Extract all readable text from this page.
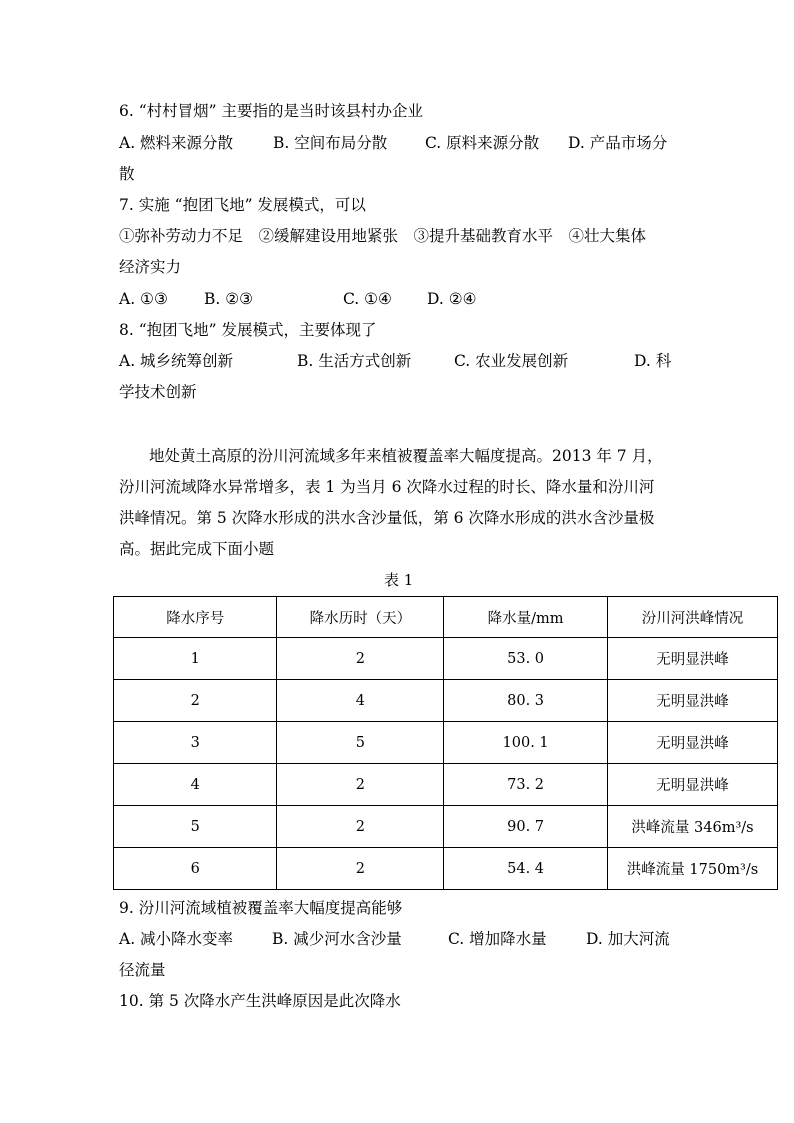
6. “村村冒烟” 主要指的是当时该县村办企业
A. 燃料来源分散	B. 空间布局分散 C. 原料来源分散 D. 产品市场分
散
7. 实施 “抱团飞地” 发展模式，可以
①弥补劳动力不足　②缓解建设用地紧张　③提升基础教育水平　④壮大集体
经济实力
A. ①③ B. ②③	C. ①④ D. ②④
8. “抱团飞地” 发展模式，主要体现了
A. 城乡统筹创新	B. 生活方式创新	C. 农业发展创新	D. 科
学技术创新
地处黄土高原的汾川河流域多年来植被覆盖率大幅度提高。2013 年 7 月，
汾川河流域降水异常增多，表 1 为当月 6 次降水过程的时长、降水量和汾川河
洪峰情况。第 5 次降水形成的洪水含沙量低，第 6 次降水形成的洪水含沙量极
高。据此完成下面小题
表 1
降水序号	降水历时（天）	降水量/mm	汾川河洪峰情况
1	2	53. 0	无明显洪峰
2	4	80. 3	无明显洪峰
3	5	100. 1	无明显洪峰
4	2	73. 2	无明显洪峰
5	2	90. 7	洪峰流量 346m³/s
6	2	54. 4	洪峰流量 1750m³/s
9. 汾川河流域植被覆盖率大幅度提高能够
A. 减小降水变率	B. 减少河水含沙量	C. 增加降水量	D. 加大河流
径流量
10. 第 5 次降水产生洪峰原因是此次降水
